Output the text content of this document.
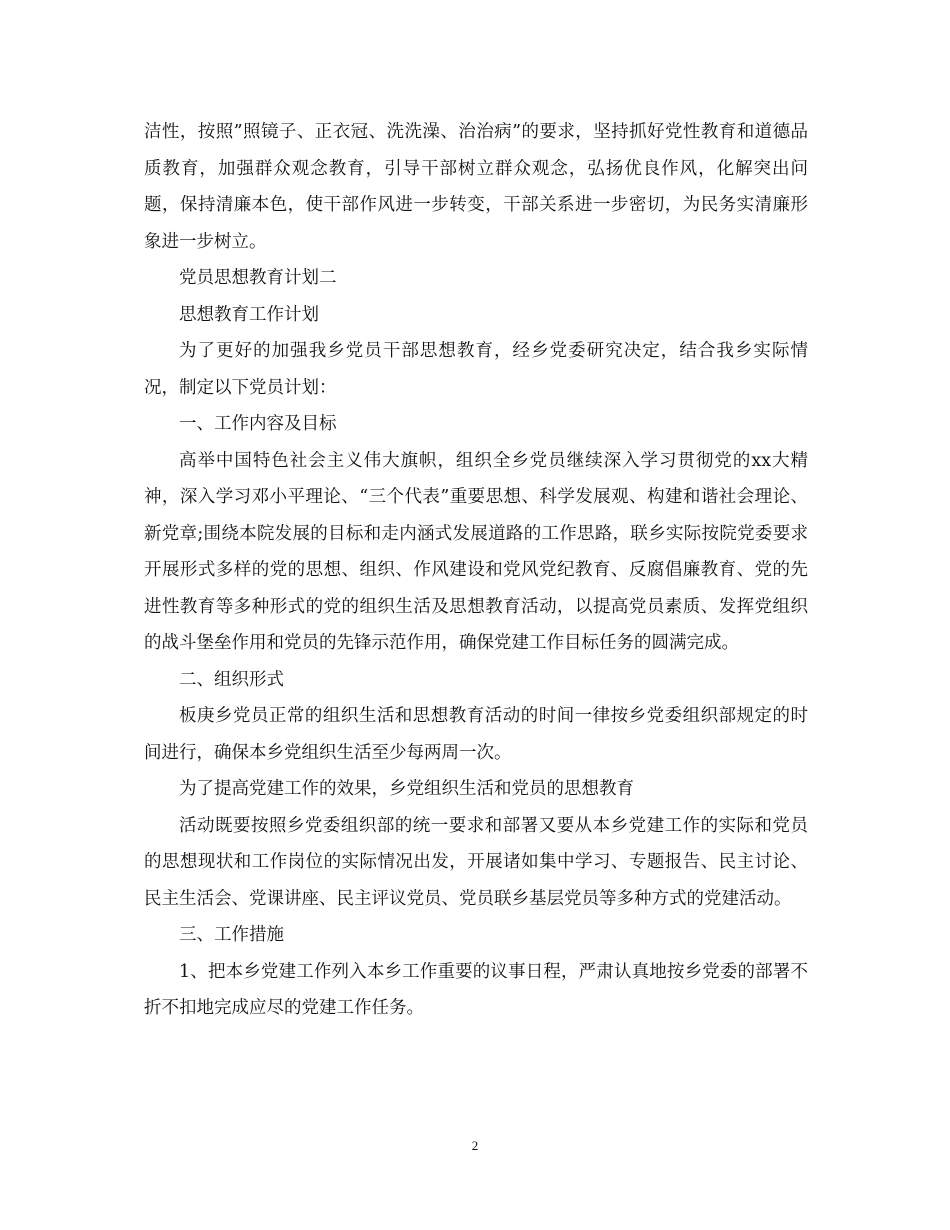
洁性，按照”照镜子、正衣冠、洗洗澡、治治病”的要求，坚持抓好党性教育和道德品质教育，加强群众观念教育，引导干部树立群众观念，弘扬优良作风，化解突出问题，保持清廉本色，使干部作风进一步转变，干部关系进一步密切，为民务实清廉形象进一步树立。

党员思想教育计划二

思想教育工作计划

为了更好的加强我乡党员干部思想教育，经乡党委研究决定，结合我乡实际情况，制定以下党员计划：

一、工作内容及目标

高举中国特色社会主义伟大旗帜，组织全乡党员继续深入学习贯彻党的xx大精神，深入学习邓小平理论、“三个代表”重要思想、科学发展观、构建和谐社会理论、新党章;围绕本院发展的目标和走内涵式发展道路的工作思路，联乡实际按院党委要求开展形式多样的党的思想、组织、作风建设和党风党纪教育、反腐倡廉教育、党的先进性教育等多种形式的党的组织生活及思想教育活动，以提高党员素质、发挥党组织的战斗堡垒作用和党员的先锋示范作用，确保党建工作目标任务的圆满完成。

二、组织形式

板庚乡党员正常的组织生活和思想教育活动的时间一律按乡党委组织部规定的时间进行，确保本乡党组织生活至少每两周一次。

为了提高党建工作的效果，乡党组织生活和党员的思想教育

活动既要按照乡党委组织部的统一要求和部署又要从本乡党建工作的实际和党员的思想现状和工作岗位的实际情况出发，开展诸如集中学习、专题报告、民主讨论、民主生活会、党课讲座、民主评议党员、党员联乡基层党员等多种方式的党建活动。

三、工作措施

1、把本乡党建工作列入本乡工作重要的议事日程，严肃认真地按乡党委的部署不折不扣地完成应尽的党建工作任务。

2
